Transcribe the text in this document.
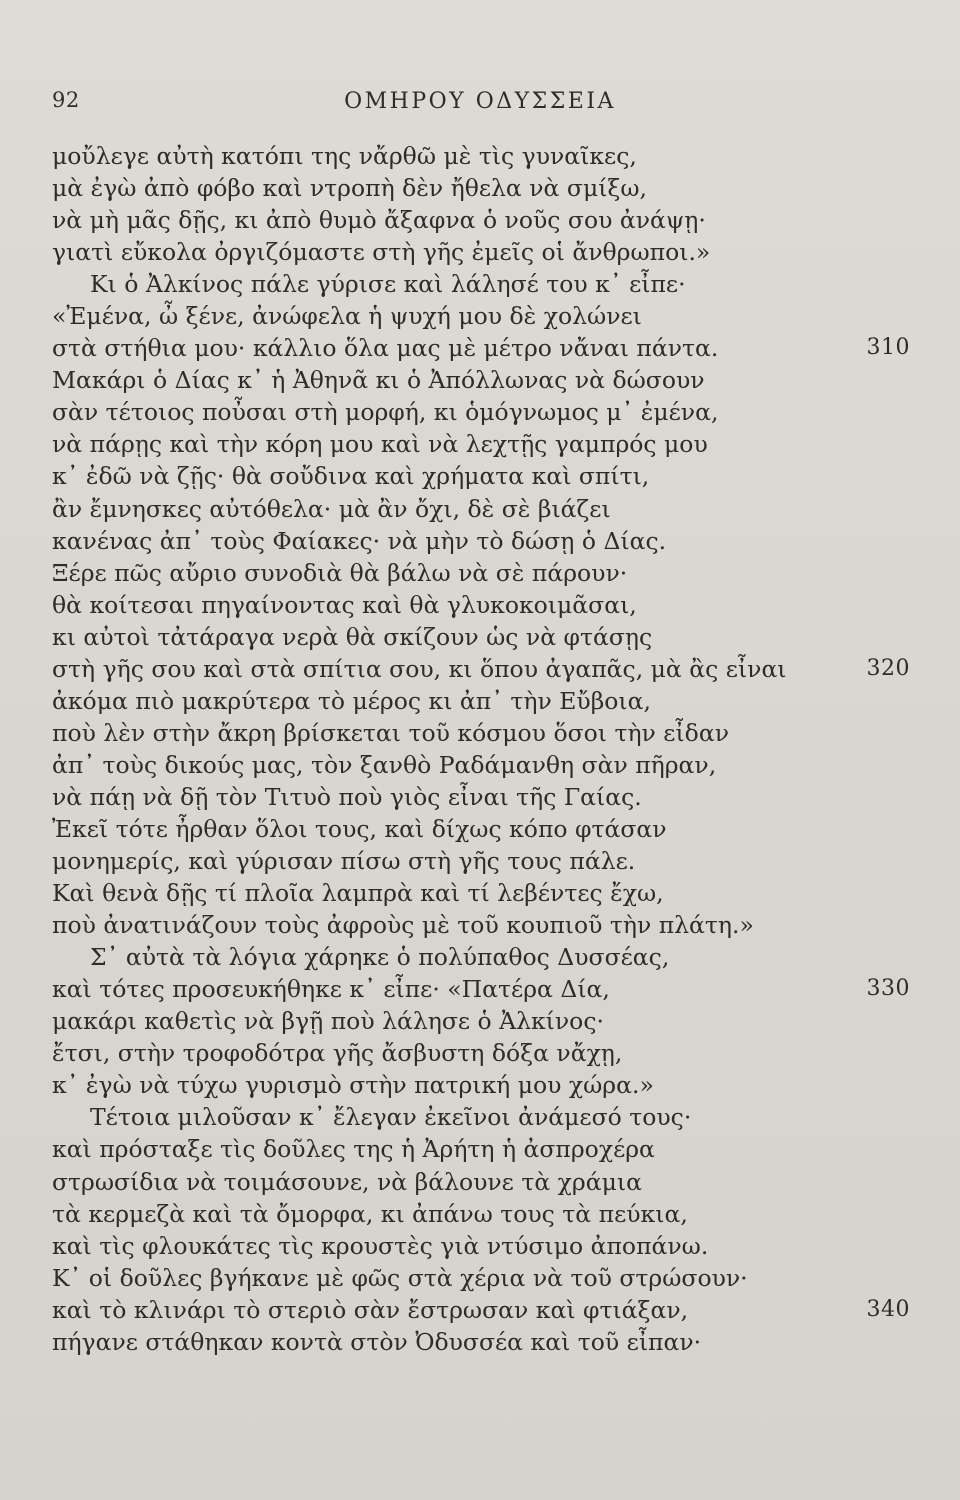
92	ΟΜΗΡΟΥ ΟΔΥΣΣΕΙΑ
μοὔλεγε αὐτὴ κατόπι της νἄρθῶ μὲ τὶς γυναῖκες,
μὰ ἐγὼ ἀπὸ φόβο καὶ ντροπὴ δὲν ἤθελα νὰ σμίξω,
νὰ μὴ μᾶς δῇς, κι ἀπὸ θυμὸ ἄξαφνα ὁ νοῦς σου ἀνάψῃ·
γιατὶ εὔκολα ὀργιζόμαστε στὴ γῆς ἐμεῖς οἱ ἄνθρωποι.»
Κι ὁ Ἀλκίνος πάλε γύρισε καὶ λάλησέ του κ᾽ εἶπε·
«Ἐμένα, ὦ ξένε, ἀνώφελα ἡ ψυχή μου δὲ χολώνει
στὰ στήθια μου· κάλλιο ὅλα μας μὲ μέτρο νἄναι πάντα.	310
Μακάρι ὁ Δίας κ᾽ ἡ Ἀθηνᾶ κι ὁ Ἀπόλλωνας νὰ δώσουν
σὰν τέτοιος ποὖσαι στὴ μορφή, κι ὁμόγνωμος μ᾽ ἐμένα,
νὰ πάρῃς καὶ τὴν κόρη μου καὶ νὰ λεχτῇς γαμπρός μου
κ᾽ ἐδῶ νὰ ζῇς· θὰ σοὔδινα καὶ χρήματα καὶ σπίτι,
ἂν ἔμνησκες αὐτόθελα· μὰ ἂν ὄχι, δὲ σὲ βιάζει
κανένας ἀπ᾽ τοὺς Φαίακες· νὰ μὴν τὸ δώσῃ ὁ Δίας.
Ξέρε πῶς αὔριο συνοδιὰ θὰ βάλω νὰ σὲ πάρουν·
θὰ κοίτεσαι πηγαίνοντας καὶ θὰ γλυκοκοιμᾶσαι,
κι αὐτοὶ τἀτάραγα νερὰ θὰ σκίζουν ὡς νὰ φτάσῃς
στὴ γῆς σου καὶ στὰ σπίτια σου, κι ὅπου ἀγαπᾶς, μὰ ἂς εἶναι	320
ἀκόμα πιὸ μακρύτερα τὸ μέρος κι ἀπ᾽ τὴν Εὔβοια,
ποὺ λὲν στὴν ἄκρη βρίσκεται τοῦ κόσμου ὅσοι τὴν εἶδαν
ἀπ᾽ τοὺς δικούς μας, τὸν ξανθὸ Ραδάμανθη σὰν πῆραν,
νὰ πάῃ νὰ δῇ τὸν Τιτυὸ ποὺ γιὸς εἶναι τῆς Γαίας.
Ἐκεῖ τότε ἦρθαν ὅλοι τους, καὶ δίχως κόπο φτάσαν
μονημερίς, καὶ γύρισαν πίσω στὴ γῆς τους πάλε.
Καὶ θενὰ δῇς τί πλοῖα λαμπρὰ καὶ τί λεβέντες ἔχω,
ποὺ ἀνατινάζουν τοὺς ἀφροὺς μὲ τοῦ κουπιοῦ τὴν πλάτη.»
Σ᾽ αὐτὰ τὰ λόγια χάρηκε ὁ πολύπαθος Δυσσέας,
καὶ τότες προσευκήθηκε κ᾽ εἶπε· «Πατέρα Δία,	330
μακάρι καθετὶς νὰ βγῇ ποὺ λάλησε ὁ Ἀλκίνος·
ἔτσι, στὴν τροφοδότρα γῆς ἄσβυστη δόξα νἄχῃ,
κ᾽ ἐγὼ νὰ τύχω γυρισμὸ στὴν πατρική μου χώρα.»
Τέτοια μιλοῦσαν κ᾽ ἔλεγαν ἐκεῖνοι ἀνάμεσό τους·
καὶ πρόσταξε τὶς δοῦλες της ἡ Ἀρήτη ἡ ἀσπροχέρα
στρωσίδια νὰ τοιμάσουνε, νὰ βάλουνε τὰ χράμια
τὰ κερμεζὰ καὶ τὰ ὄμορφα, κι ἀπάνω τους τὰ πεύκια,
καὶ τὶς φλουκάτες τὶς κρουστὲς γιὰ ντύσιμο ἀποπάνω.
Κ᾽ οἱ δοῦλες βγήκανε μὲ φῶς στὰ χέρια νὰ τοῦ στρώσουν·
καὶ τὸ κλινάρι τὸ στεριὸ σὰν ἔστρωσαν καὶ φτιάξαν,	340
πήγανε στάθηκαν κοντὰ στὸν Ὀδυσσέα καὶ τοῦ εἶπαν·
